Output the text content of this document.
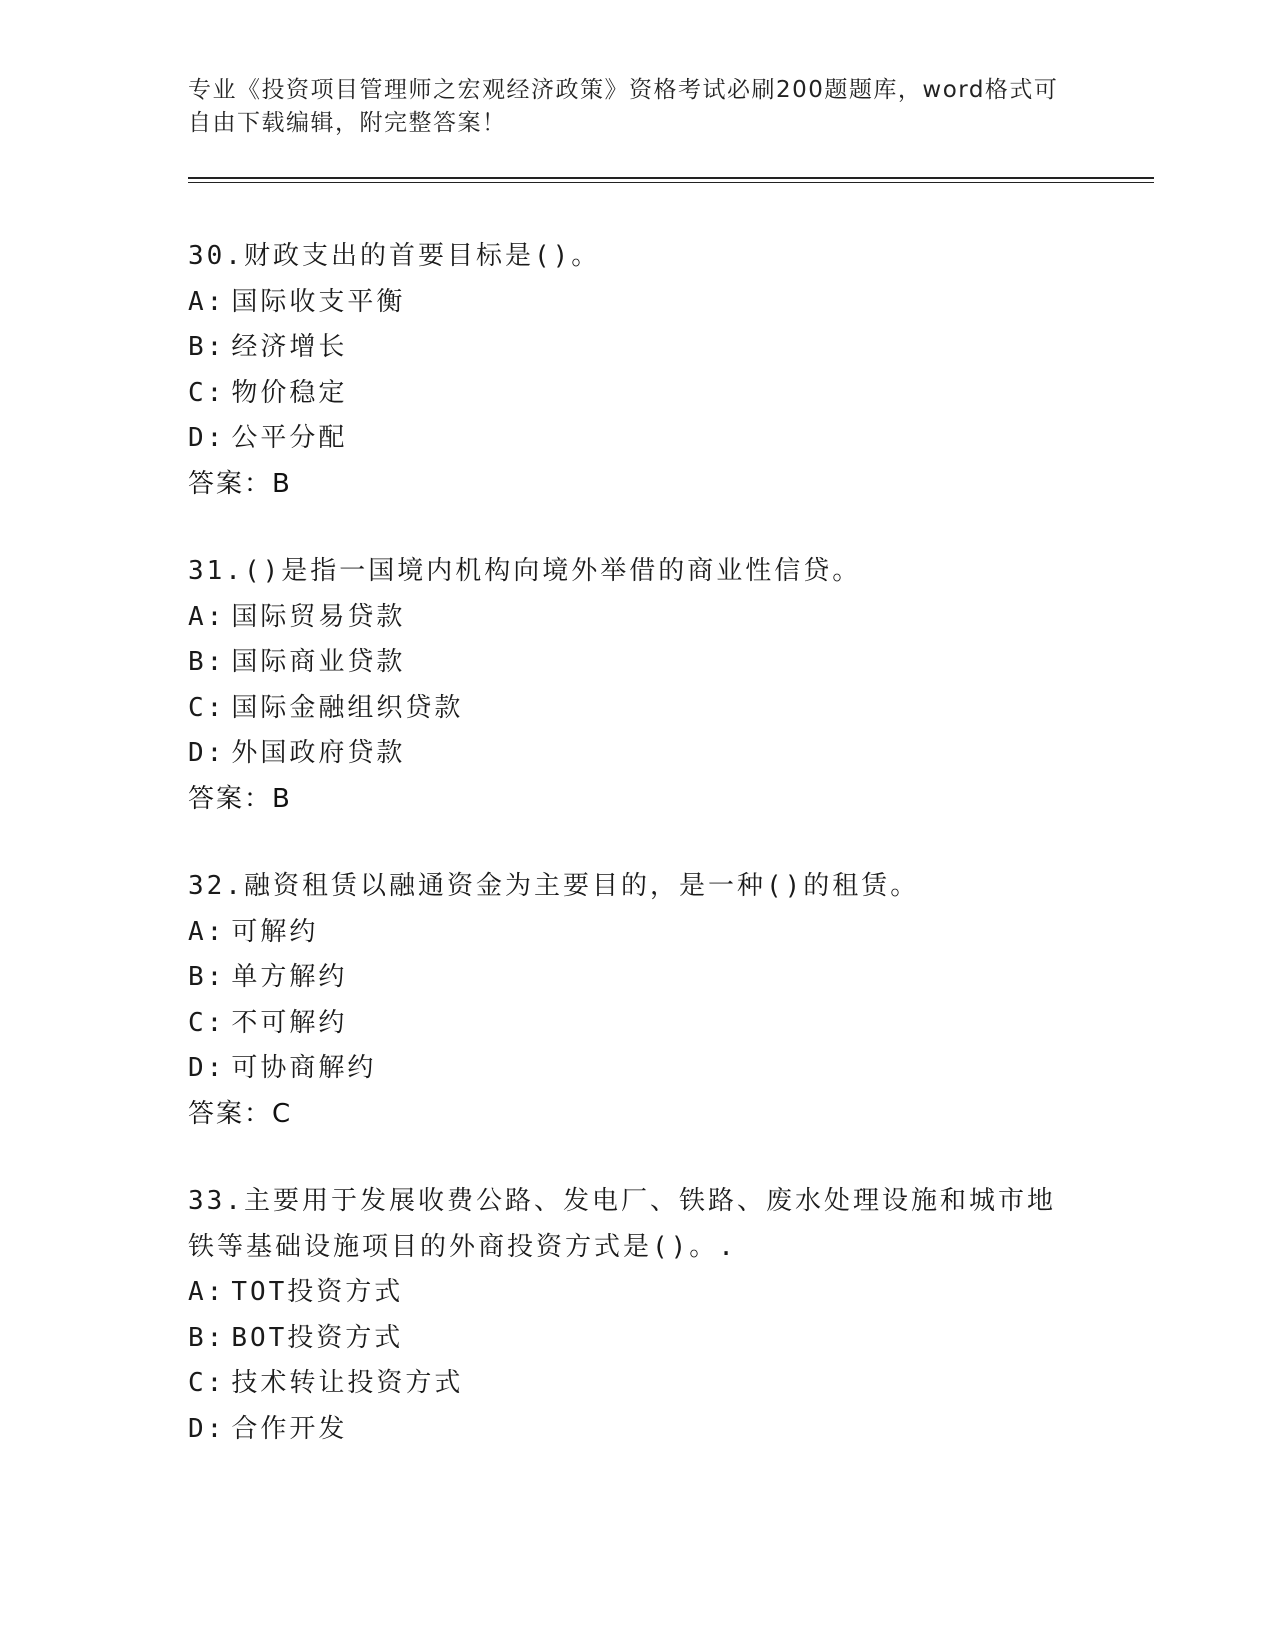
专业《投资项目管理师之宏观经济政策》资格考试必刷200题题库，word格式可
自由下载编辑，附完整答案！
30.财政支出的首要目标是()。
A: 国际收支平衡
B: 经济增长
C: 物价稳定
D: 公平分配
答案：B
31.()是指一国境内机构向境外举借的商业性信贷。
A: 国际贸易贷款
B: 国际商业贷款
C: 国际金融组织贷款
D: 外国政府贷款
答案：B
32.融资租赁以融通资金为主要目的，是一种()的租赁。
A: 可解约
B: 单方解约
C: 不可解约
D: 可协商解约
答案：C
33.主要用于发展收费公路、发电厂、铁路、废水处理设施和城市地铁等基础设施项目的外商投资方式是()。.
A: TOT投资方式
B: BOT投资方式
C: 技术转让投资方式
D: 合作开发
